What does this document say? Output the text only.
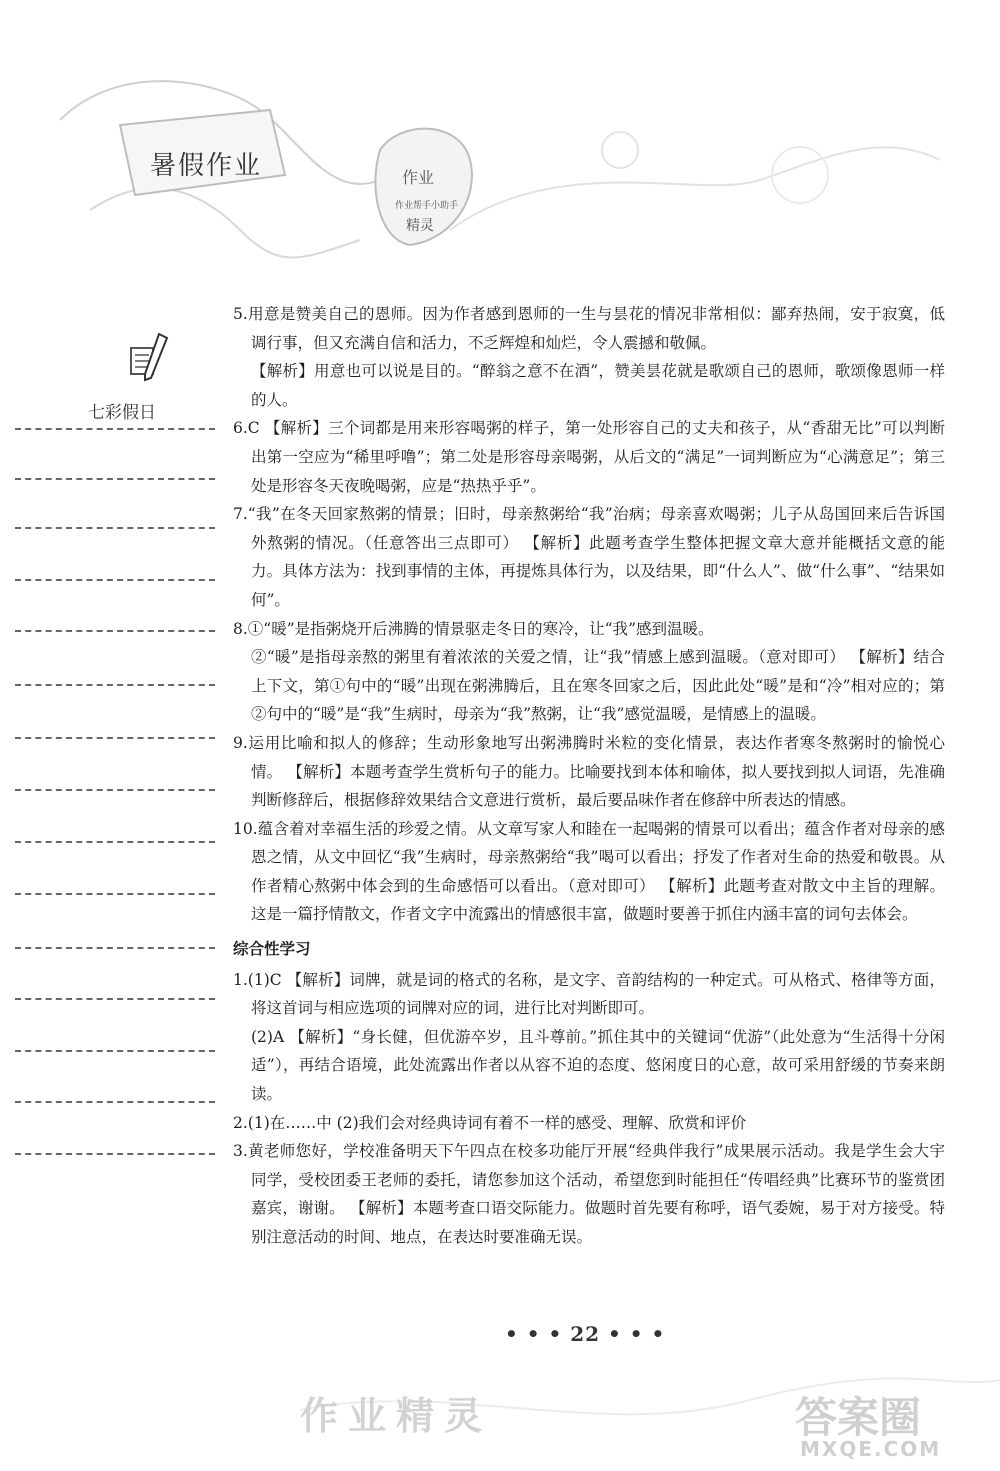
暑假作业	作业
作业帮手小助手
精灵
七彩假日

5.用意是赞美自己的恩师。因为作者感到恩师的一生与昙花的情况非常相似：鄙弃热闹，安于寂寞，低调行事，但又充满自信和活力，不乏辉煌和灿烂，令人震撼和敬佩。

【解析】用意也可以说是目的。“醉翁之意不在酒”，赞美昙花就是歌颂自己的恩师，歌颂像恩师一样的人。

6.C 【解析】三个词都是用来形容喝粥的样子，第一处形容自己的丈夫和孩子，从“香甜无比”可以判断出第一空应为“稀里呼噜”；第二处是形容母亲喝粥，从后文的“满足”一词判断应为“心满意足”；第三处是形容冬天夜晚喝粥，应是“热热乎乎”。

7.“我”在冬天回家熬粥的情景；旧时，母亲熬粥给“我”治病；母亲喜欢喝粥；儿子从岛国回来后告诉国外熬粥的情况。（任意答出三点即可） 【解析】此题考查学生整体把握文章大意并能概括文意的能力。具体方法为：找到事情的主体，再提炼具体行为，以及结果，即“什么人”、做“什么事”、“结果如何”。

8.①“暖”是指粥烧开后沸腾的情景驱走冬日的寒冷，让“我”感到温暖。

②“暖”是指母亲熬的粥里有着浓浓的关爱之情，让“我”情感上感到温暖。（意对即可） 【解析】结合上下文，第①句中的“暖”出现在粥沸腾后，且在寒冬回家之后，因此此处“暖”是和“冷”相对应的；第②句中的“暖”是“我”生病时，母亲为“我”熬粥，让“我”感觉温暖，是情感上的温暖。

9.运用比喻和拟人的修辞；生动形象地写出粥沸腾时米粒的变化情景，表达作者寒冬熬粥时的愉悦心情。 【解析】本题考查学生赏析句子的能力。比喻要找到本体和喻体，拟人要找到拟人词语，先准确判断修辞后，根据修辞效果结合文意进行赏析，最后要品味作者在修辞中所表达的情感。

10.蕴含着对幸福生活的珍爱之情。从文章写家人和睦在一起喝粥的情景可以看出；蕴含作者对母亲的感恩之情，从文中回忆“我”生病时，母亲熬粥给“我”喝可以看出；抒发了作者对生命的热爱和敬畏。从作者精心熬粥中体会到的生命感悟可以看出。（意对即可） 【解析】此题考查对散文中主旨的理解。这是一篇抒情散文，作者文字中流露出的情感很丰富，做题时要善于抓住内涵丰富的词句去体会。

综合性学习

1.(1)C 【解析】词牌，就是词的格式的名称，是文字、音韵结构的一种定式。可从格式、格律等方面，将这首词与相应选项的词牌对应的词，进行比对判断即可。

(2)A 【解析】“身长健，但优游卒岁，且斗尊前。”抓住其中的关键词“优游”（此处意为“生活得十分闲适”），再结合语境，此处流露出作者以从容不迫的态度、悠闲度日的心意，故可采用舒缓的节奏来朗读。

2.(1)在……中 (2)我们会对经典诗词有着不一样的感受、理解、欣赏和评价

3.黄老师您好，学校准备明天下午四点在校多功能厅开展“经典伴我行”成果展示活动。我是学生会大宇同学，受校团委王老师的委托，请您参加这个活动，希望您到时能担任“传唱经典”比赛环节的鉴赏团嘉宾，谢谢。 【解析】本题考查口语交际能力。做题时首先要有称呼，语气委婉，易于对方接受。特别注意活动的时间、地点，在表达时要准确无误。

• • • 22 • • •
作业精灵	答案圈
MXQE.COM
